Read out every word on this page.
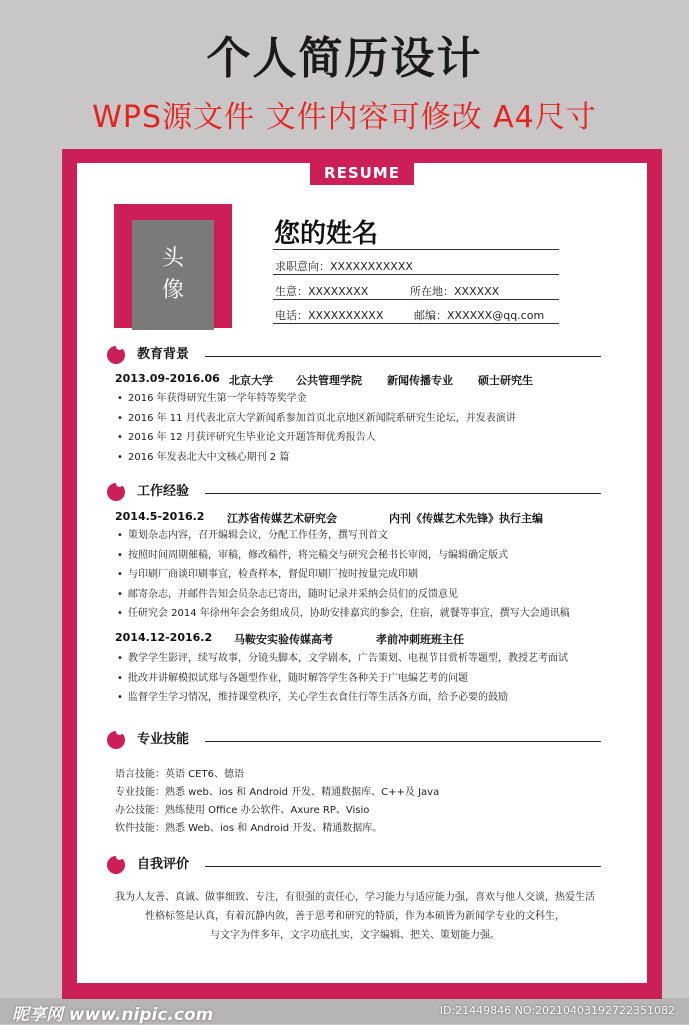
个人简历设计
WPS源文件 文件内容可修改 A4尺寸
RESUME
头像
您的姓名
求职意向：XXXXXXXXXXX
生意：XXXXXXXX	所在地：XXXXXX
电话：XXXXXXXXXX	邮编：XXXXXX@qq.com
教育背景
2013.09-2016.06 北京大学 公共管理学院 新闻传播专业 硕士研究生
• 2016 年获得研究生第一学年特等奖学金
• 2016 年 11 月代表北京大学新闻系参加首页北京地区新闻院系研究生论坛，并发表演讲
• 2016 年 12 月获评研究生毕业论文开题答辩优秀报告人
• 2016 年发表北大中文核心期刊 2 篇
工作经验
2014.5-2016.2 江苏省传媒艺术研究会	内刊《传媒艺术先锋》执行主编
• 策划杂志内容，召开编辑会议，分配工作任务，撰写刊首文
• 按照时间周期催稿，审稿，修改稿件，将完稿交与研究会秘书长审阅，与编辑确定版式
• 与印刷厂商谈印刷事宜，检查样本，督促印刷厂按时按量完成印刷
• 邮寄杂志，并邮件告知会员杂志已寄出，随时记录并采纳会员们的反馈意见
• 任研究会 2014 年徐州年会会务组成员，协助安排嘉宾的参会，住宿，就餐等事宜，撰写大会通讯稿
2014.12-2016.2 马鞍安实验传媒高考	孝前冲刺班班主任
• 教学学生影评，续写故事，分镜头脚本，文学剧本，广告策划、电视节目赏析等题型，教授艺考面试
• 批改并讲解模拟试郑与各题型作业，随时解答学生各种关于广电编艺考的问题
• 监督学生学习情况，维持课堂秩序，关心学生衣食住行等生活各方面，给予必要的鼓励
专业技能
语言技能：英语 CET6、德语
专业技能：熟悉 web、ios 和 Android 开发、精通数据库、C++及 Java
办公技能：熟练使用 Office 办公软件、Axure RP、Visio
软件技能：熟悉 Web、ios 和 Android 开发、精通数据库。
自我评价
我为人友善、真诚、做事细致、专注，有很强的责任心，学习能力与适应能力强，喜欢与他人交谈，热爱生活
性格标签是认真，有着沉静内敛，善于思考和研究的特质，作为本硕皆为新闻学专业的文科生，
与文字为伴多年，文字功底扎实，文字编辑、把关、策划能力强。
昵享网 www.nipic.com	ID:21449846 NO:20210403192722351082
